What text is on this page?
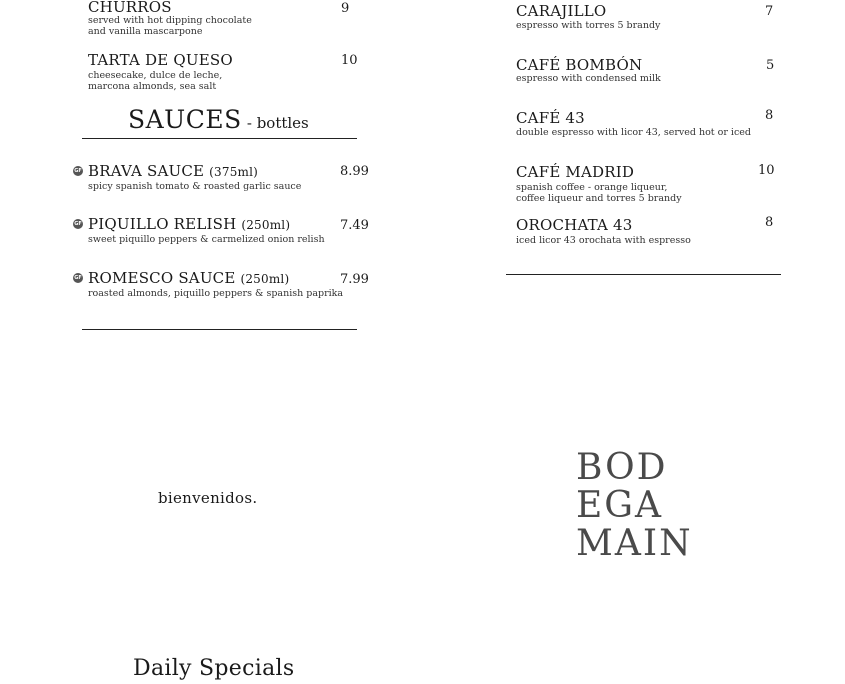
CHURROS	9
served with hot dipping chocolate
and vanilla mascarpone
TARTA DE QUESO	10
cheesecake, dulce de leche,
marcona almonds, sea salt
SAUCES - bottles
GF BRAVA SAUCE (375ml)	8.99
spicy spanish tomato & roasted garlic sauce
GF PIQUILLO RELISH (250ml)	7.49
sweet piquillo peppers & carmelized onion relish
GF ROMESCO SAUCE (250ml)	7.99
roasted almonds, piquillo peppers & spanish paprika
CARAJILLO	7
espresso with torres 5 brandy
CAFÉ BOMBÓN	5
espresso with condensed milk
CAFÉ 43	8
double espresso with licor 43, served hot or iced
CAFÉ MADRID	10
spanish coffee - orange liqueur,
coffee liqueur and torres 5 brandy
OROCHATA 43	8
iced licor 43 orochata with espresso
bienvenidos.
BOD
EGA
MAIN
Daily Specials
